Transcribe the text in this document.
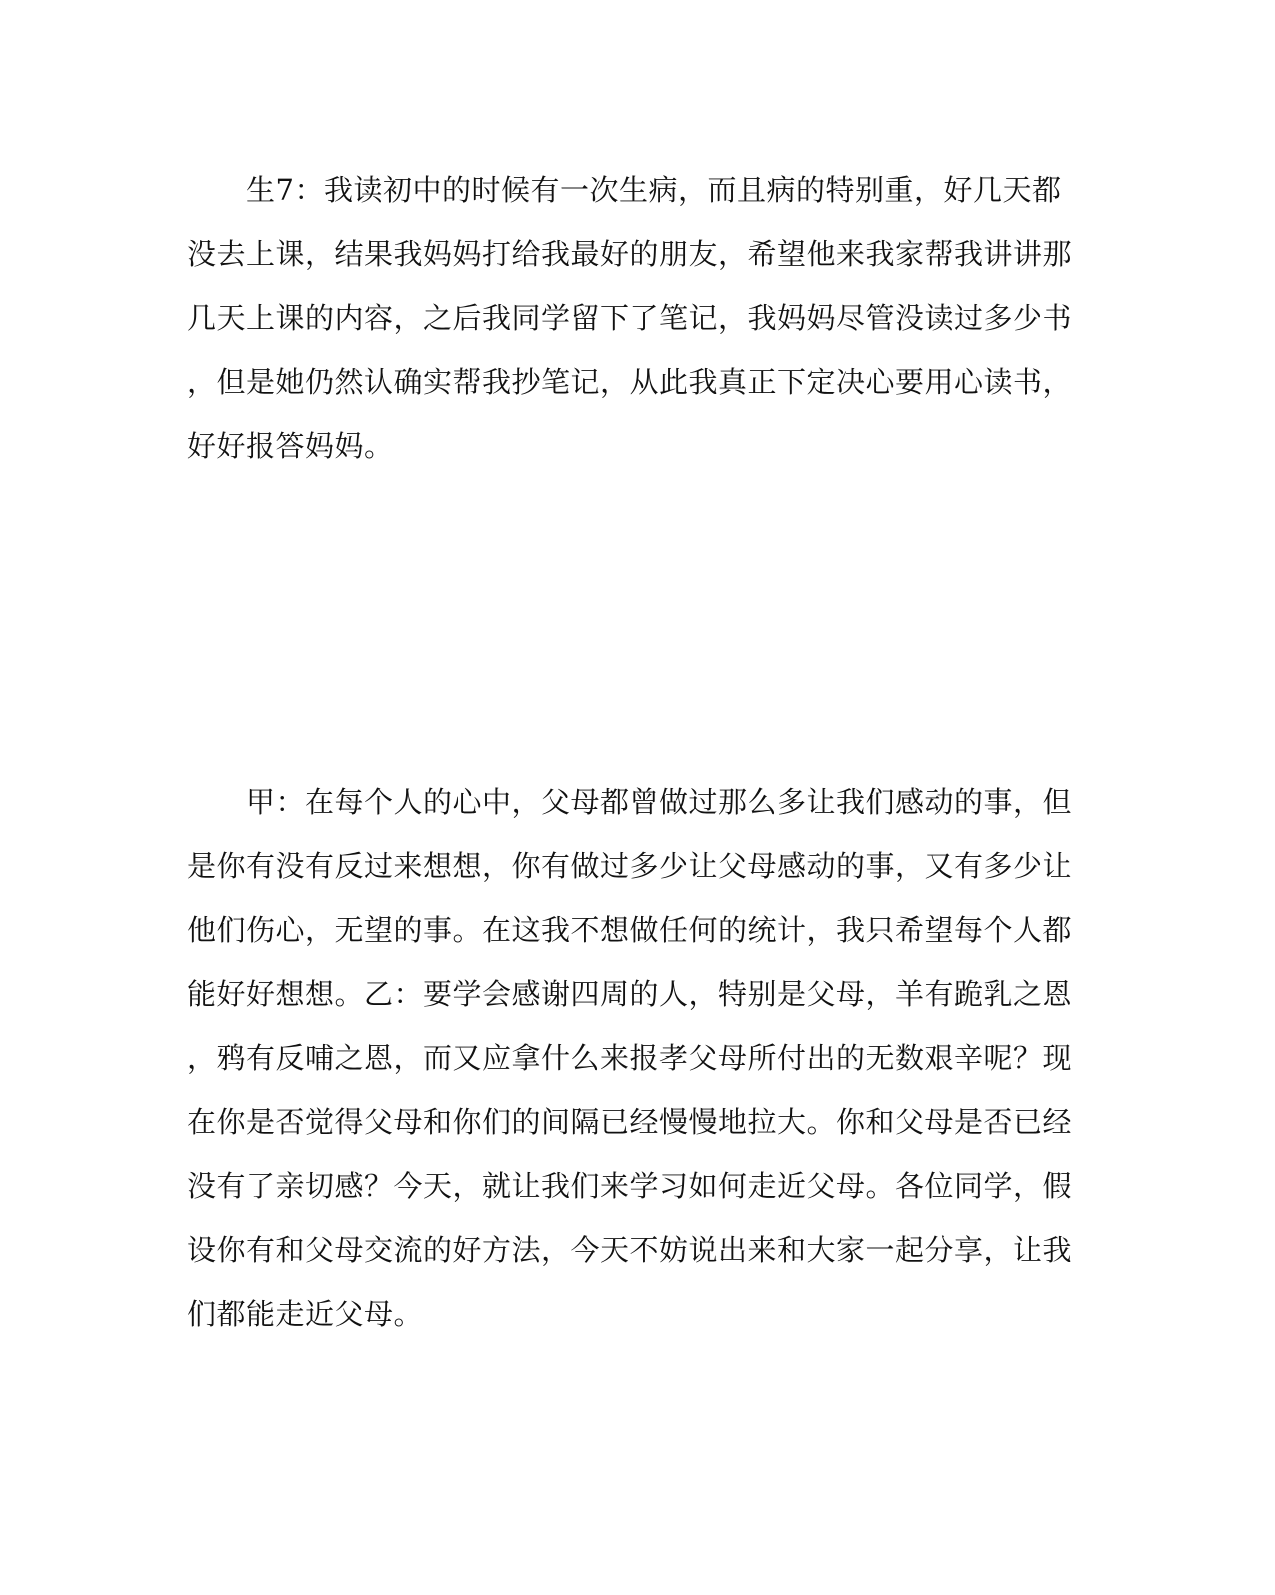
　　生7：我读初中的时候有一次生病，而且病的特别重，好几天都
没去上课，结果我妈妈打给我最好的朋友，希望他来我家帮我讲讲那
几天上课的内容，之后我同学留下了笔记，我妈妈尽管没读过多少书
，但是她仍然认确实帮我抄笔记，从此我真正下定决心要用心读书，
好好报答妈妈。

　　甲：在每个人的心中，父母都曾做过那么多让我们感动的事，但
是你有没有反过来想想，你有做过多少让父母感动的事，又有多少让
他们伤心，无望的事。在这我不想做任何的统计，我只希望每个人都
能好好想想。乙：要学会感谢四周的人，特别是父母，羊有跪乳之恩
，鸦有反哺之恩，而又应拿什么来报孝父母所付出的无数艰辛呢？现
在你是否觉得父母和你们的间隔已经慢慢地拉大。你和父母是否已经
没有了亲切感？今天，就让我们来学习如何走近父母。各位同学，假
设你有和父母交流的好方法，今天不妨说出来和大家一起分享，让我
们都能走近父母。
